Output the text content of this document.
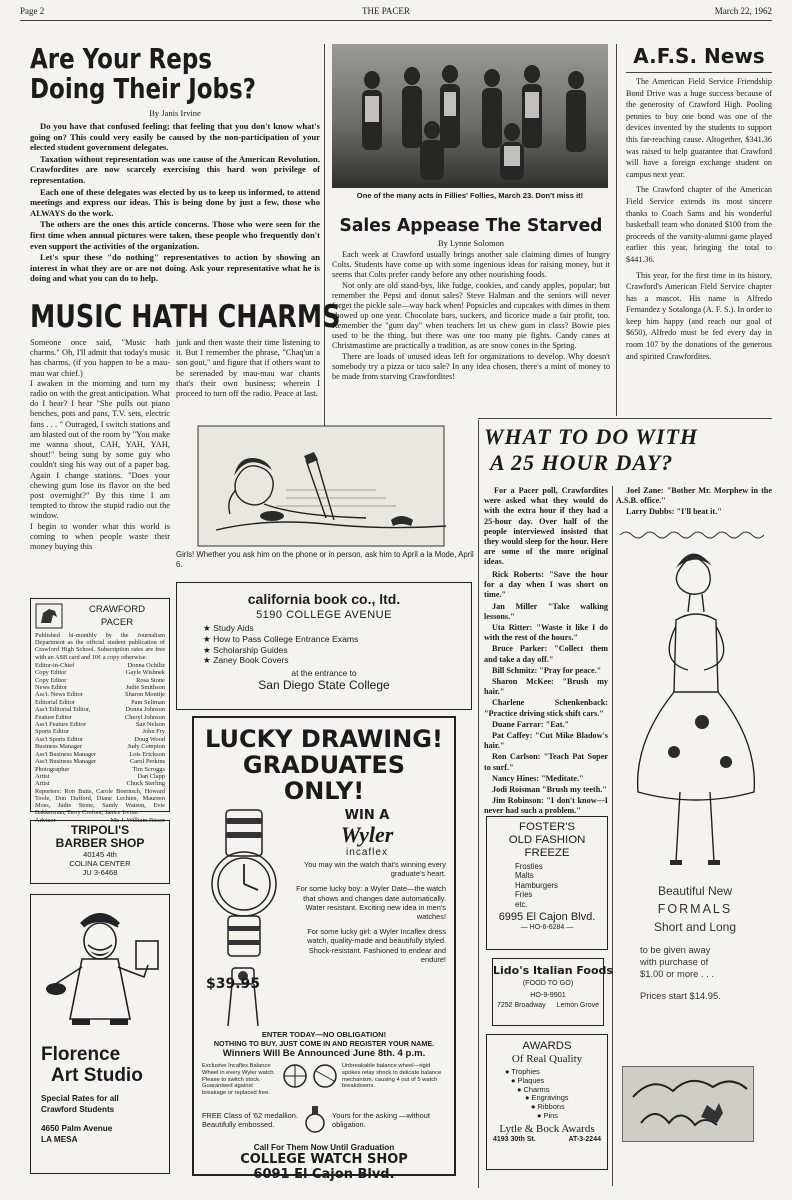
Page 2	THE PACER	March 22, 1962
Are Your Reps
Doing Their Jobs?
By Janis Irvine

Do you have that confused feeling; that feeling that you don't know what's going on? This could very easily be caused by the non-participation of your elected student government delegates.

Taxation without representation was one cause of the American Revolution. Crawfordites are now scarcely exercising this hard won privilege of representation.

Each one of these delegates was elected by us to keep us informed, to attend meetings and express our ideas. This is being done by just a few, those who ALWAYS do the work.

The others are the ones this article concerns. Those who were seen for the first time when annual pictures were taken, these people who frequently don't even support the activities of the organization.

Let's spur these "do nothing" representatives to action by showing an interest in what they are or are not doing. Ask your representative what he is doing and what you can do to help.

One of the many acts in Fillies' Follies, March 23. Don't miss it!
A.F.S. News

The American Field Service Friendship Bond Drive was a huge success because of the generosity of Crawford High. Pooling pennies to buy one bond was one of the devices invented by the students to support this far-reaching cause. Altogether, $341.36 was raised to help guarantee that Crawford will have a foreign exchange student on campus next year.

The Crawford chapter of the American Field Service extends its most sincere thanks to Coach Sams and his wonderful basketball team who donated $100 from the proceeds of the varsity-alumni game played earlier this year, bringing the total to $441.36.

This year, for the first time in its history, Crawford's American Field Service chapter has a mascot. His name is Alfredo Fernandez y Sotalonga (A. F. S.). In order to keep him happy (and reach our goal of $650), Alfredo must be fed every day in room 107 by the donations of the generous and spirited Crawfordites.

Sales Appease The Starved
By Lynne Solomon

Each week at Crawford usually brings another sale claiming dimes of hungry Colts. Students have come up with some ingenious ideas for raising money, but it seems that Colts prefer candy before any other nourishing foods.

Not only are old stand-bys, like fudge, cookies, and candy apples, popular; but remember the Pepsi and donut sales? Steve Halman and the seniors will never forget the pickle sale—way back when! Popsicles and cupcakes with dimes in them showed up one year. Chocolate bars, suckers, and licorice made a fair profit, too. Remember the "gum day" when teachers let us chew gum in class? Bowie pies used to be the thing, but there was one too many pie fights. Candy canes at Christmastime are practically a tradition, as are snow cones in the Spring.

There are loads of unused ideas left for organizations to develop. Why doesn't somebody try a pizza or taco sale? In any idea chosen, there's a mint of money to be made from starving Crawfordites!

MUSIC HATH CHARMS
Someone once said, "Music hath charms." Oh, I'll admit that today's music has charms, (if you happen to be a mau-mau war chief.)
I awaken in the morning and turn my radio on with the great anticipation. What do I hear? I hear "She pulls out piano benches, pots and pans, T.V. sets, electric fans . . . " Outraged, I switch stations and am blasted out of the room by "You make me wanna shout, CAH, YAH, YAH, shout!" being sung by some guy who couldn't sing his way out of a paper bag. Again I change stations. "Does your chewing gum lose its flavor on the bed post overnight?" By this time I am tempted to throw the stupid radio out the window.
I begin to wonder what this world is coming to when people waste their money buying this
junk and then waste their time listening to it. But I remember the phrase, "Chaq'un a son gout," and figure that if others want to be serenaded by mau-mau war chants that's their own business; wherein I proceed to turn off the radio. Peace at last.
Girls! Whether you ask him on the phone or in person, ask him to April a la Mode, April 6.
CRAWFORD
PACER
Published bi-monthly by the Journalism Department as the official student publication of Crawford High School. Subscription rates are free with an ASB card and 10¢ a copy otherwise.
Editor-in-Chief	Donna Ochiltz
Copy Editor	Gayle Wishnek
Copy Editor	Rosa Stone
News Editor	Judie Smithson
Ass't. News Editor	Sharon Montije
Editorial Editor	Pam Seliman
Ass't Editorial Editor,	Donna Johnson
Feature Editor	Cheryl Johnson
Ass't Feature Editor	Sue Nelson
Sports Editor	John Fry
Ass't Sports Editor	Doug Wood
Business Manager	Judy Compton
Ass't Business Manager	Lois Erickson
Ass't Business Manager	Carol Perkins
Photographer	Tim Scroggs
Artist	Dan Clapp
Artist	Chuck Sterling
Reporters: Ron Butts, Carole Boernsch, Howard Toole, Don Dufford, Diane Lechien, Maureen Moss, Judie Stone, Sandy Watson, Evie Bakkerman, Terry Crofoot, Janice Irvine.
Advisor	Mr. J. William Risser
TRIPOLI'S
BARBER SHOP
40145 4th
COLINA CENTER
JU 3-6468
Florence
Art Studio
Special Rates for all
Crawford Students
4650 Palm Avenue
LA MESA
california book co., ltd.
5190 COLLEGE AVENUE
★ Study Aids
★ How to Pass College Entrance Exams
★ Scholarship Guides
★ Zaney Book Covers
at the entrance to
San Diego State College
LUCKY DRAWING!
GRADUATES
ONLY!
WIN A
Wyler
incaflex
You may win the watch that's winning every graduate's heart.
For some lucky boy: a Wyler Date—the watch that shows and changes date automatically. Water resistant. Exciting new idea in men's watches!
For some lucky girl: a Wyler Incaflex dress watch, quality-made and beautifully styled. Shock-resistant. Fashioned to endear and endure!
$39.95
ENTER TODAY—NO OBLIGATION!
NOTHING TO BUY. JUST COME IN AND REGISTER YOUR NAME.
Winners Will Be Announced June 8th. 4 p.m.
Exclusive Incaflex Balance Wheel in every Wyler watch. Please to switch stock. Guaranteed against breakage or replaced free.
Unbreakable balance wheel—rigid spokes relay shock to delicate balance mechanism, causing 4 out of 5 watch breakdowns.
FREE Class of '62 medallion. Beautifully embossed.
Yours for the asking —without obligation.
Call For Them Now Until Graduation
COLLEGE WATCH SHOP
6091 El Cajon Blvd.
WHAT TO DO WITH
A 25 HOUR DAY?
For a Pacer poll, Crawfordites were asked what they would do with the extra hour if they had a 25-hour day. Over half of the people interviewed insisted that they would sleep for the hour. Here are some of the more original ideas.

Rick Roberts: "Save the hour for a day when I was short on time."

Jan Miller "Take walking lessons."

Uta Ritter: "Waste it like I do with the rest of the hours."

Bruce Parker: "Collect them and take a day off."

Bill Schmitz: "Pray for peace."

Sharon McKee: "Brush my hair."

Charlene Schenkenback: "Practice driving stick shift cars."

Duane Farrar: "Eat."

Pat Caffey: "Cut Mike Bladow's hair."

Ron Carlson: "Teach Pat Soper to surf."

Nancy Hines: "Meditate."

Jodi Roisman "Brush my teeth."

Jim Robinson: "I don't know—I never had such a problem."

Joel Zane: "Bother Mr. Morphew in the A.S.B. office."

Larry Dubbs: "I'll beat it."

FOSTER'S
OLD FASHION
FREEZE
Frosties
Malts
Hamburgers
Fries
etc.
6995 El Cajon Blvd.
— HO-6-6284 —
Lido's Italian Foods
(FOOD TO GO)
HO-9-9901
7252 Broadway Lemon Grove
AWARDS
Of Real Quality
● Trophies
● Plaques
● Charms
● Engravings
● Ribbons
● Pins
Lytle & Bock Awards
4193 30th St.	AT-3-2244
Beautiful New
FORMALS
Short and Long
to be given away
with purchase of
$1.00 or more . . .
Prices start $14.95.
